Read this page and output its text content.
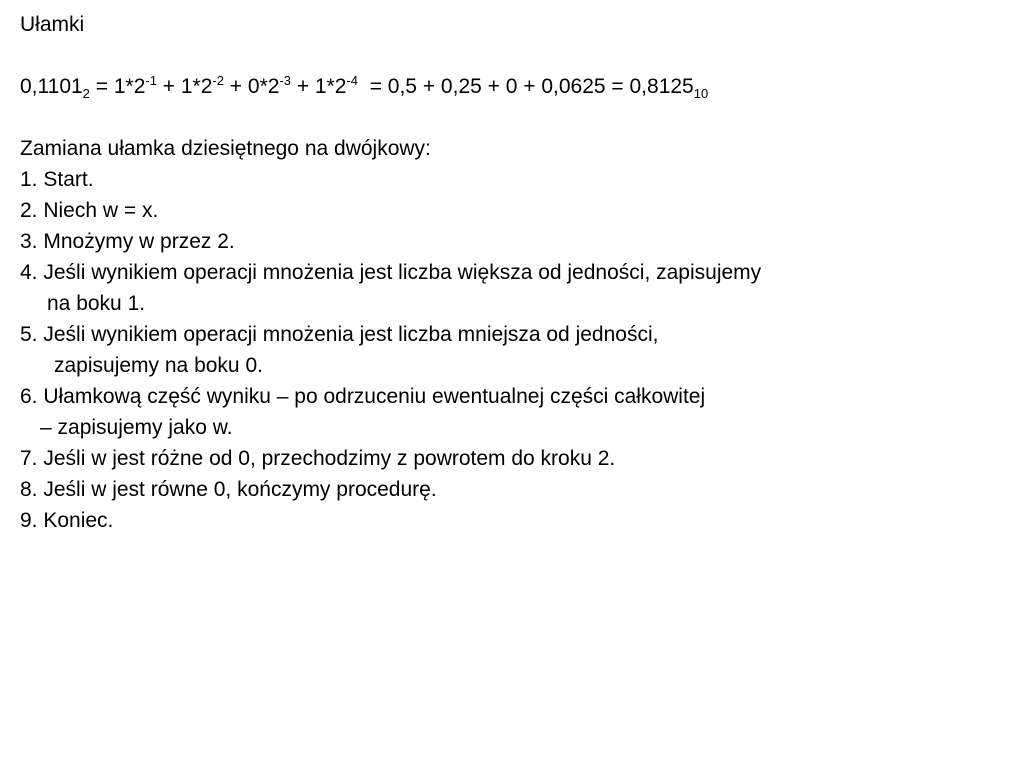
Ułamki
$0,1101_2 = 1*2^{-1} + 1*2^{-2} + 0*2^{-3} + 1*2^{-4} = 0,5 + 0,25 + 0 + 0,0625 = 0,8125_{10}$
Zamiana ułamka dziesiętnego na dwójkowy:
1. Start.
2. Niech w = x.
3. Mnożymy w przez 2.
4. Jeśli wynikiem operacji mnożenia jest liczba większa od jedności, zapisujemy
na boku 1.
5. Jeśli wynikiem operacji mnożenia jest liczba mniejsza od jedności,
zapisujemy na boku 0.
6. Ułamkową część wyniku – po odrzuceniu ewentualnej części całkowitej
– zapisujemy jako w.
7. Jeśli w jest różne od 0, przechodzimy z powrotem do kroku 2.
8. Jeśli w jest równe 0, kończymy procedurę.
9. Koniec.
